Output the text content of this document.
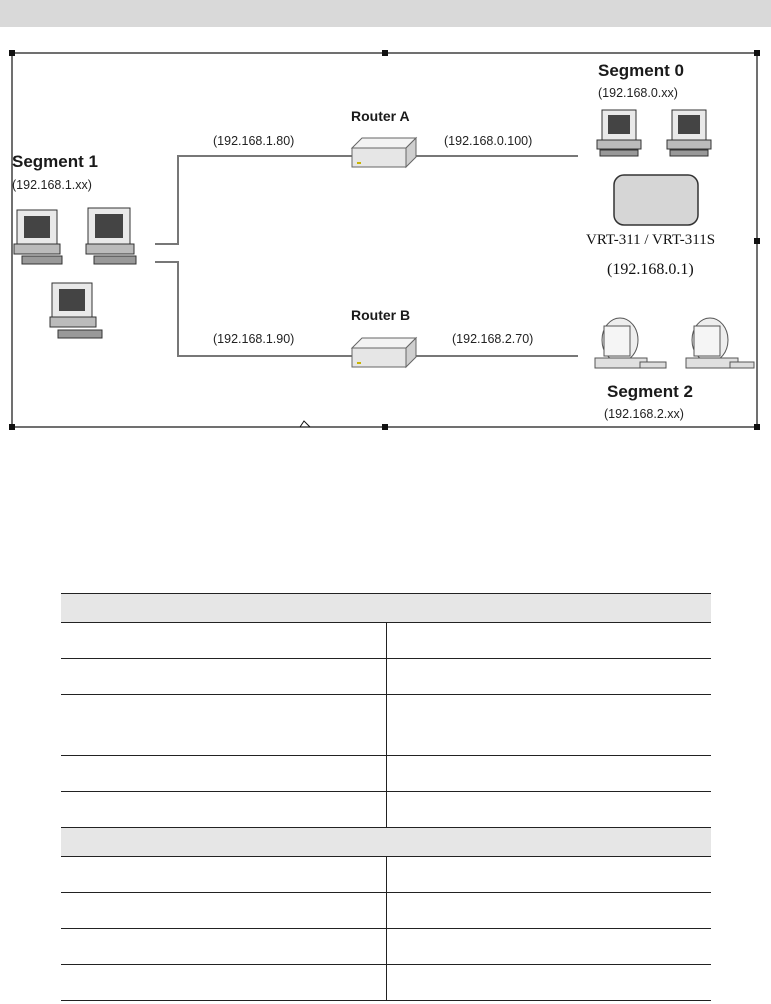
Segment 1
(192.168.1.xx)
Segment 0
(192.168.0.xx)
Segment 2
(192.168.2.xx)
Router A
(192.168.1.80)	(192.168.0.100)
Router B
(192.168.1.90)	(192.168.2.70)
VRT-311 / VRT-311S
(192.168.0.1)
